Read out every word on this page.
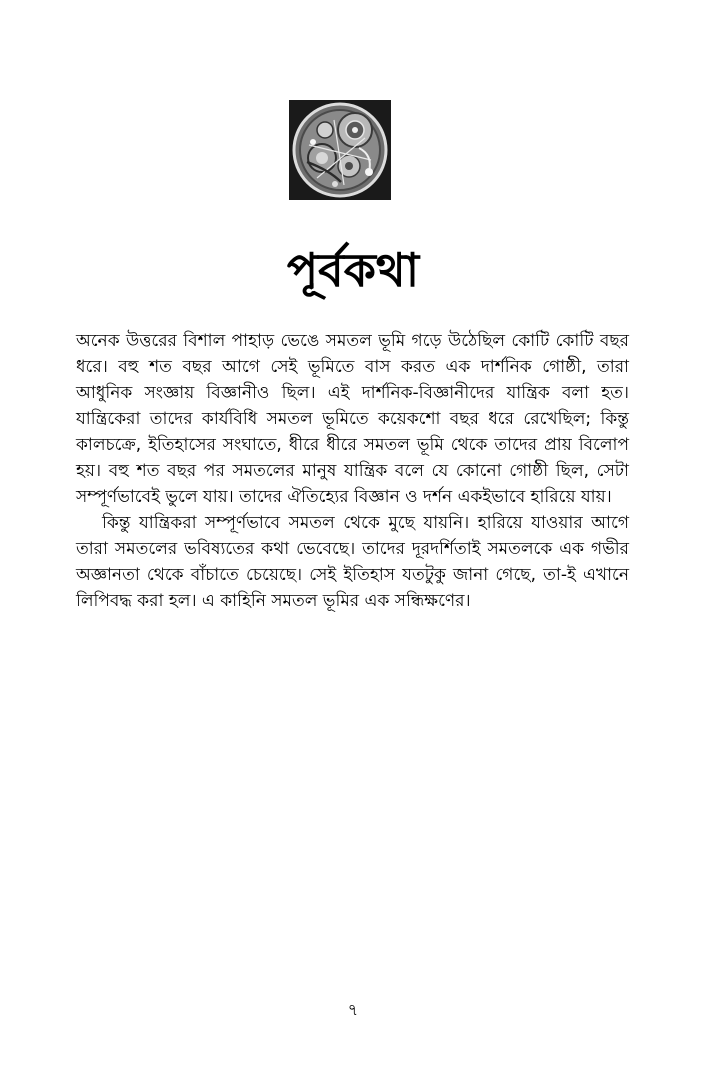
পূর্বকথা

অনেক উত্তরের বিশাল পাহাড় ভেঙে সমতল ভূমি গড়ে উঠেছিল কোটি কোটি বছর ধরে। বহু শত বছর আগে সেই ভূমিতে বাস করত এক দার্শনিক গোষ্ঠী, তারা আধুনিক সংজ্ঞায় বিজ্ঞানীও ছিল। এই দার্শনিক-বিজ্ঞানীদের যান্ত্রিক বলা হত। যান্ত্রিকেরা তাদের কার্যবিধি সমতল ভূমিতে কয়েকশো বছর ধরে রেখেছিল; কিন্তু কালচক্রে, ইতিহাসের সংঘাতে, ধীরে ধীরে সমতল ভূমি থেকে তাদের প্রায় বিলোপ হয়। বহু শত বছর পর সমতলের মানুষ যান্ত্রিক বলে যে কোনো গোষ্ঠী ছিল, সেটা সম্পূর্ণভাবেই ভুলে যায়। তাদের ঐতিহ্যের বিজ্ঞান ও দর্শন একইভাবে হারিয়ে যায়।

কিন্তু যান্ত্রিকরা সম্পূর্ণভাবে সমতল থেকে মুছে যায়নি। হারিয়ে যাওয়ার আগে তারা সমতলের ভবিষ্যতের কথা ভেবেছে। তাদের দূরদর্শিতাই সমতলকে এক গভীর অজ্ঞানতা থেকে বাঁচাতে চেয়েছে। সেই ইতিহাস যতটুকু জানা গেছে, তা-ই এখানে লিপিবদ্ধ করা হল। এ কাহিনি সমতল ভূমির এক সন্ধিক্ষণের।

৭
